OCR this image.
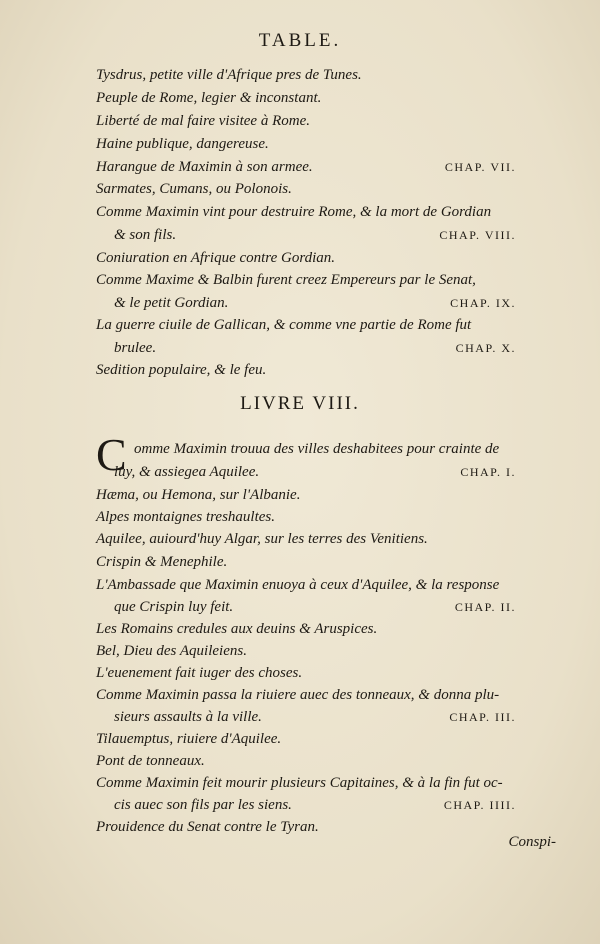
TABLE.
Tysdrus, petite ville d'Afrique pres de Tunes.
Peuple de Rome, legier & inconstant.
Liberté de mal faire visitee à Rome.
Haine publique, dangereuse.
Harangue de Maximin à son armee.	CHAP. VII.
Sarmates, Cumans, ou Polonois.
Comme Maximin vint pour destruire Rome, & la mort de Gordian
& son fils.	CHAP. VIII.
Coniuration en Afrique contre Gordian.
Comme Maxime & Balbin furent creez Empereurs par le Senat,
& le petit Gordian.	CHAP. IX.
La guerre ciuile de Gallican, & comme vne partie de Rome fut
brulee.	CHAP. X.
Sedition populaire, & le feu.
LIVRE VIII.
C omme Maximin trouua des villes deshabitees pour crainte de
luy, & assiegea Aquilee.	CHAP. I.
Hæma, ou Hemona, sur l'Albanie.
Alpes montaignes treshaultes.
Aquilee, auiourd'huy Algar, sur les terres des Venitiens.
Crispin & Menephile.
L'Ambassade que Maximin enuoya à ceux d'Aquilee, & la response
que Crispin luy feit.	CHAP. II.
Les Romains credules aux deuins & Aruspices.
Bel, Dieu des Aquileiens.
L'euenement fait iuger des choses.
Comme Maximin passa la riuiere auec des tonneaux, & donna plu-
sieurs assaults à la ville.	CHAP. III.
Tilauemptus, riuiere d'Aquilee.
Pont de tonneaux.
Comme Maximin feit mourir plusieurs Capitaines, & à la fin fut oc-
cis auec son fils par les siens.	CHAP. IIII.
Prouidence du Senat contre le Tyran.
Conspi-
